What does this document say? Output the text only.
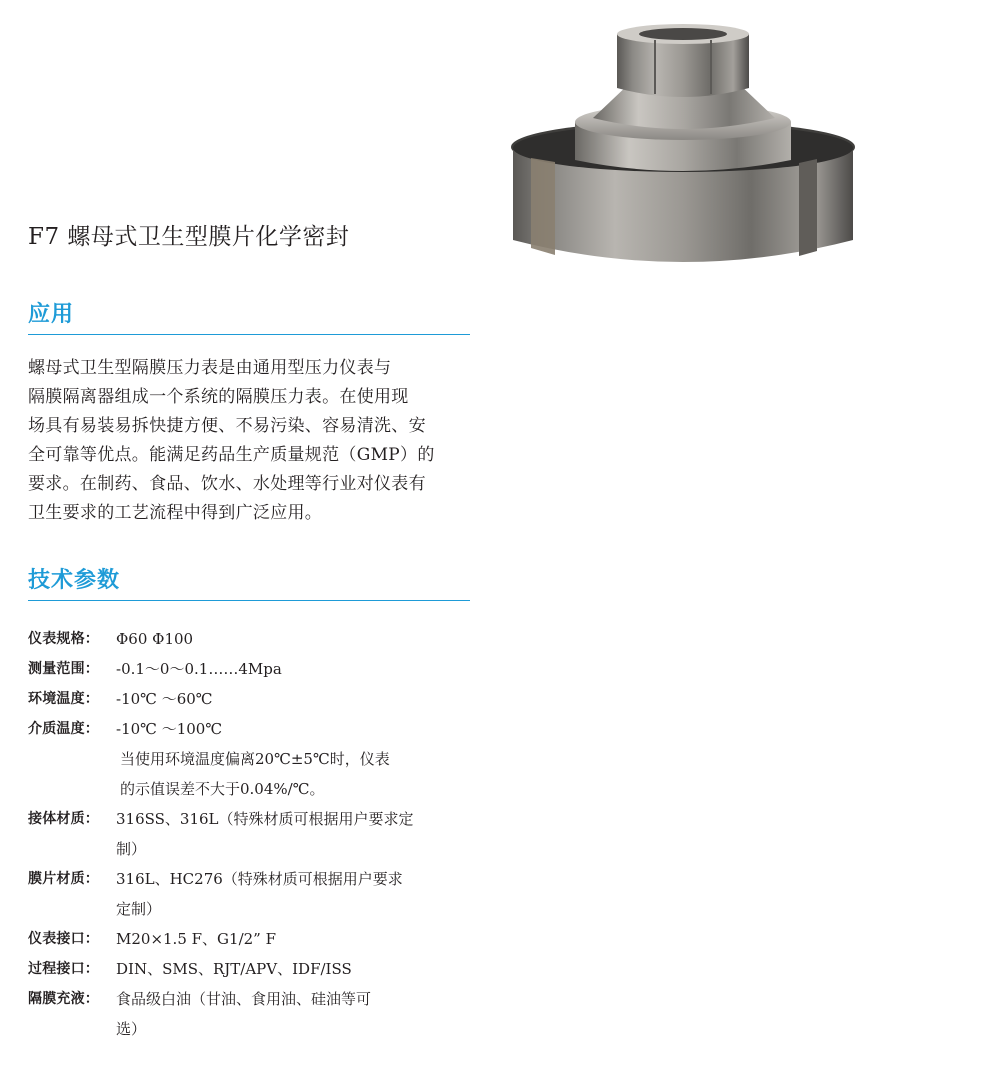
F7 螺母式卫生型膜片化学密封
应用
螺母式卫生型隔膜压力表是由通用型压力仪表与
隔膜隔离器组成一个系统的隔膜压力表。在使用现
场具有易装易拆快捷方便、不易污染、容易清洗、安
全可靠等优点。能满足药品生产质量规范（GMP）的
要求。在制药、食品、饮水、水处理等行业对仪表有
卫生要求的工艺流程中得到广泛应用。
技术参数
仪表规格：	Φ60 Φ100
测量范围：	-0.1～0～0.1……4Mpa
环境温度：	-10℃ ～60℃
介质温度：	-10℃ ～100℃
当使用环境温度偏离20℃±5℃时，仪表
的示值误差不大于0.04%/℃。
接体材质：	316SS、316L（特殊材质可根据用户要求定
制）
膜片材质：	316L、HC276（特殊材质可根据用户要求
定制）
仪表接口：	M20×1.5 F、G1/2” F
过程接口：	DIN、SMS、RJT/APV、IDF/ISS
隔膜充液：	食品级白油（甘油、食用油、硅油等可
选）
